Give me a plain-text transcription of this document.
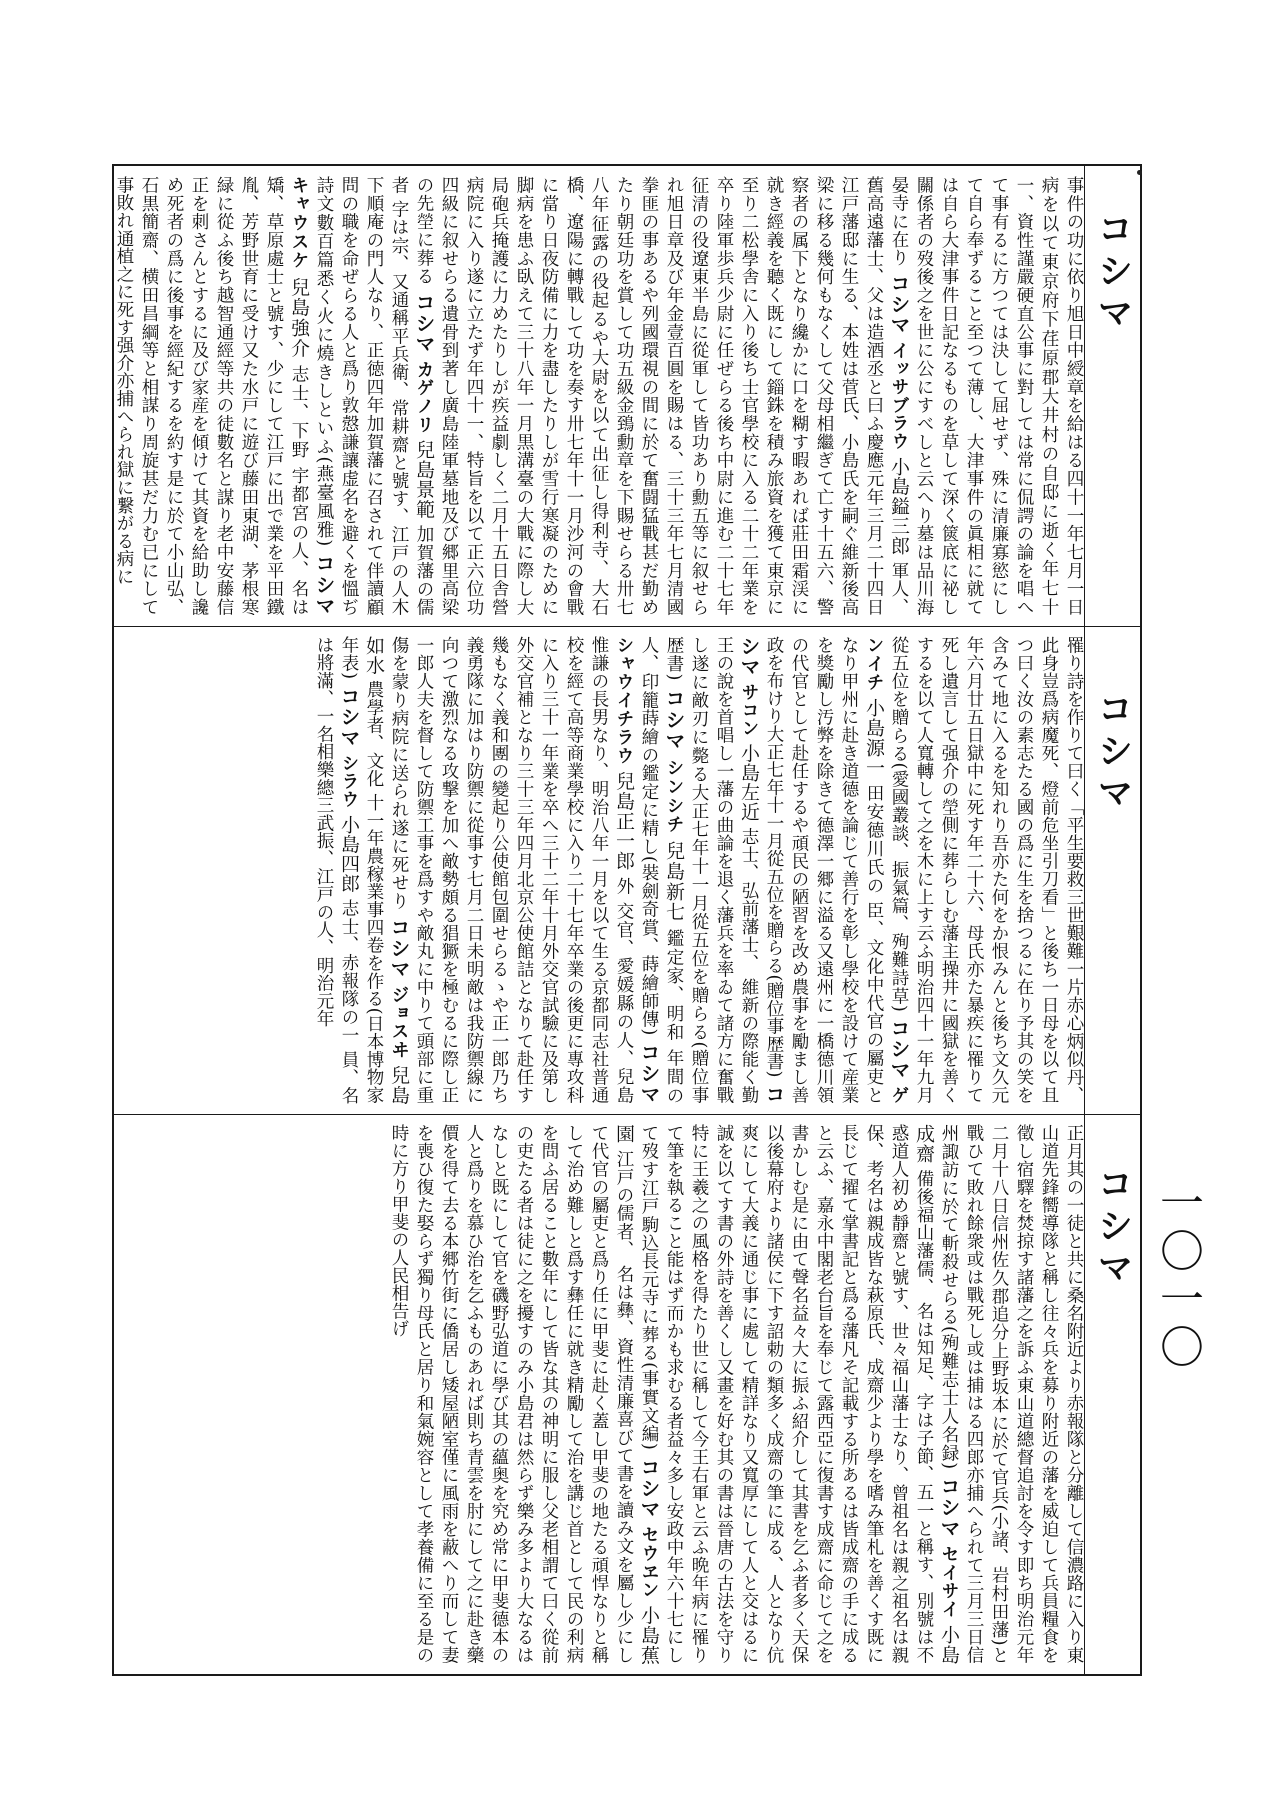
コシマ
コシマ
コシマ 一〇一〇
事件の功に依り旭日中綬章を給はる四十一年七月一日病を以て東京府下荏原郡大井村の自邸に逝く年七十一、資性謹嚴硬直公事に對しては常に侃諤の論を唱へて事有るに方つては決して屈せず、殊に清廉寡慾にして自ら奉ずること至つて薄し、大津事件の眞相に就ては自ら大津事件日記なるものを草して深く篋底に祕し關係者の歿後之を世に公にすべしと云へり墓は品川海晏寺に在り コシマ イッサブラウ 小島鎰三郎 軍人、 舊高遠藩士、父は造酒丞と曰ふ慶應元年三月二十四日江戸藩邸に生る、本姓は菅氏、小島氏を嗣ぐ維新後高梁に移る幾何もなくして父母相繼ぎて亡す十五六、警察者の属下となり纔かに口を糊す暇あれば莊田霜渓に就き經義を聽く既にして錙銖を積み旅資を獲て東京に至り二松學舎に入り後ち士官學校に入る二十二年業を卒り陸軍歩兵少尉に任ぜらる後ち中尉に進む二十七年征清の役遼東半島に從軍して皆功あり勳五等に叙せられ旭日章及び年金壹百圓を賜はる、三十三年七月清國拳匪の事あるや列國環視の間に於て奮闘猛戰甚だ勤めたり朝廷功を賞して功五級金鵄勳章を下賜せらる卅七八年征露の役起るや大尉を以て出征し得利寺、大石橋、遼陽に轉戰して功を奏す卅七年十一月沙河の會戰に當り日夜防備に力を盡したりしが雪行寒凝のために脚病を患ふ臥えて三十八年一月黒溝臺の大戰に際し大局砲兵掩護に力めたりしが疾益劇しく二月十五日舎營病院に入り遂に立たず年四十一、特旨を以て正六位功四級に叙せらる遺骨到著し廣島陸軍墓地及び郷里高梁の先塋に葬る コシマ カゲノリ 兒島景範 加賀藩の儒者 字は宗、又通稱平兵衛、常耕齋と號す、江戸の人木下順庵の門人なり、正徳四年加賀藩に召されて伴讀顧問の職を命ぜらる人と爲り敦慤謙讓虚名を避くを慍ぢ詩文數百篇悉く火に燒きしといふ(燕臺風雅) コシマ キャウスケ 兒島強介 志士、下野 宇都宮の人、名は矯、草原處士と號す、少にして江戸に出で業を平田鐵胤、芳野世育に受け又た水戸に遊び藤田東湖、茅根寒緑に從ふ後ち越智通經等共の徒數名と謀り老中安藤信正を刺さんとするに及び家産を傾けて其資を給助し讒め死者の爲に後事を經紀するを約す是に於て小山弘、石黒簡齋、横田昌綱等と相謀り周旋甚だ力む已にして事敗れ通植之に死す强介亦捕へられ獄に繋がる病に
罹り詩を作りて曰く「平生要救三世艱難一片赤心炳似丹、此身豈爲病魔死、燈前危坐引刀看」と後ち一日母を以て且つ曰く汝の素志たる國の爲に生を捨つるに在り予其の笑を含みて地に入るを知れり吾亦た何をか恨みんと後ち文久元年六月廿五日獄中に死す年二十六、母氏亦た暴疾に罹りて死し遺言して强介の塋側に葬らしむ藩主操井に國獄を善くするを以て人寬轉して之を木に上す云ふ明治四十一年九月從五位を贈らる(愛國叢談、振氣篇、殉難詩草) コシマ ゲンイチ 小島源一 田安德川氏の 臣、文化中代官の屬吏となり甲州に赴き道德を論じて善行を彰し學校を設けて産業を獎勵し汚弊を除きて德澤一郷に溢る又遠州に一橋德川領の代官として赴任するや頑民の陋習を改め農事を勵まし善政を布けり大正七年十一月從五位を贈らる(贈位事歴書) コシマ サコン 小島左近 志士、弘前藩士、 維新の際能く勤王の說を首唱し一藩の曲論を退く藩兵を率ゐて諸方に奮戰し遂に敵刃に斃る大正七年十一月從五位を贈らる(贈位事歴書) コシマ シンシチ 兒島新七 鑑定家、明和 年間の人、印籠蒔繪の鑑定に精し(裝劍奇賞、蒔繪師傳) コシマ シャウイチラウ 兒島正一郎 外 交官、愛媛縣の人、兒島惟謙の長男なり、明治八年一月を以て生る京都同志社普通校を經て高等商業學校に入り二十七年卒業の後更に專攻科に入り三十一年業を卒へ三十二年十月外交官試驗に及第し外交官補となり三十三年四月北京公使館詰となりて赴任す幾もなく義和團の變起り公使館包圍せらるゝや正一郎乃ち義勇隊に加はり防禦に從事す七月二日未明敵は我防禦線に向つて激烈なる攻撃を加へ敵勢頗る猖獗を極むるに際し正一郎人夫を督して防禦工事を爲すや敵丸に中りて頭部に重傷を蒙り病院に送られ遂に死せり コシマ ジョスヰ 兒島如水 農學者、文化 十一年農稼業事四卷を作る(日本博物家年表) コシマ シラウ 小島四郎 志士、赤報隊の一 員、名は將滿、一名相樂總三武振、江戸の人、明治元年
正月其の一徒と共に桑名附近より赤報隊と分離して信濃路に入り東山道先鋒嚮導隊と稱し往々兵を募り附近の藩を威迫して兵員糧食を徵し宿驛を焚掠す諸藩之を訴ふ東山道總督追討を令す即ち明治元年二月十八日信州佐久郡追分上野坂本に於て官兵(小諸、岩村田藩)と戰ひて敗れ餘衆或は戰死し或は捕はる四郎亦捕へられて三月三日信州諏訪に於て斬殺せらる(殉難志士人名録) コシマ セイサイ 小島成齋 備後福山藩儒、 名は知足、字は子節、五一と稱す、別號は不惑道人初め靜齋と號す、世々福山藩士なり、曾祖名は親之祖名は親保、考名は親成皆な萩原氏、成齋少より學を嗜み筆札を善くす既に長じて擢て掌書記と爲る藩凡そ記載する所あるは皆成齋の手に成ると云ふ、嘉永中閣老台旨を奉じて露西亞に復書す成齋に命じて之を書かしむ是に由て聲名益々大に振ふ紹介して其書を乞ふ者多く天保以後幕府より諸侯に下す詔勅の類多く成齋の筆に成る、人となり伉爽にして大義に通じ事に處して精詳なり又寬厚にして人と交はるに誠を以てす書の外詩を善くし又畫を好む其の書は晉唐の古法を守り特に王羲之の風格を得たり世に稱して今王右軍と云ふ晩年病に罹りて筆を執ること能はず而かも求むる者益々多し安政中年六十七にして歿す江戸駒込長元寺に葬る(事實文編) コシマ セウヱン 小島蕉園 江戸の儒者、 名は彝、資性清廉喜びて書を讀み文を屬し少にして代官の屬吏と爲り任に甲斐に赴く蓋し甲斐の地たる頑悍なりと稱して治め難しと爲す彝任に就き精勵して治を講じ首として民の利病を問ふ居ること數年にして皆な其の神明に服し父老相謂て曰く從前の吏たる者は徒に之を擾すのみ小島君は然らず樂み多より大なるはなしと既にして官を磯野弘道に學び其の蘊奥を究め常に甲斐德本の人と爲りを慕ひ治を乞ふものあれば則ち青雲を肘にして之に赴き藥價を得て去る本郷竹街に僑居し矮屋陋室僅に風雨を蔽へり而して妻を喪ひ復た娶らず獨り母氏と居り和氣婉容として孝養備に至る是の時に方り甲斐の人民相告げ
